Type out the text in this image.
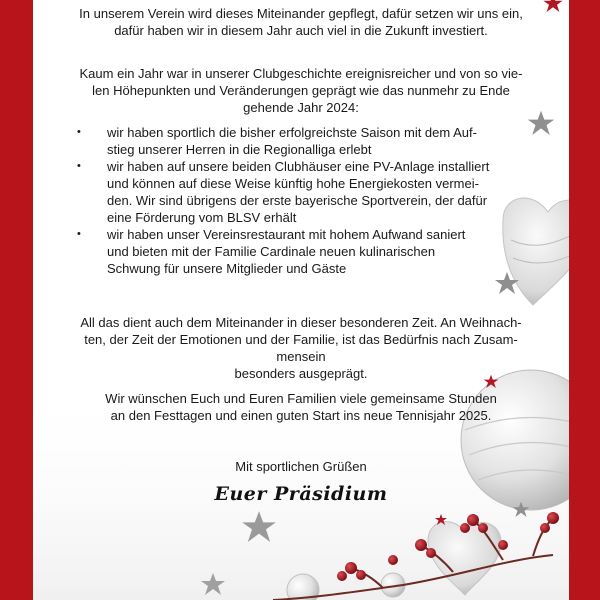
In unserem Verein wird dieses Miteinander gepflegt, dafür setzen wir uns ein,
dafür haben wir in diesem Jahr auch viel in die Zukunft investiert.

Kaum ein Jahr war in unserer Clubgeschichte ereignisreicher und von so vie-
len Höhepunkten und Veränderungen geprägt wie das nunmehr zu Ende
gehende Jahr 2024:

• wir haben sportlich die bisher erfolgreichste Saison mit dem Auf-
stieg unserer Herren in die Regionalliga erlebt
• wir haben auf unsere beiden Clubhäuser eine PV-Anlage installiert
und können auf diese Weise künftig hohe Energiekosten vermei-
den. Wir sind übrigens der erste bayerische Sportverein, der dafür
eine Förderung vom BLSV erhält
• wir haben unser Vereinsrestaurant mit hohem Aufwand saniert
und bieten mit der Familie Cardinale neuen kulinarischen
Schwung für unsere Mitglieder und Gäste

All das dient auch dem Miteinander in dieser besonderen Zeit. An Weihnach-
ten, der Zeit der Emotionen und der Familie, ist das Bedürfnis nach Zusam-
mensein
besonders ausgeprägt.

Wir wünschen Euch und Euren Familien viele gemeinsame Stunden
an den Festtagen und einen guten Start ins neue Tennisjahr 2025.

Mit sportlichen Grüßen

Euer Präsidium
